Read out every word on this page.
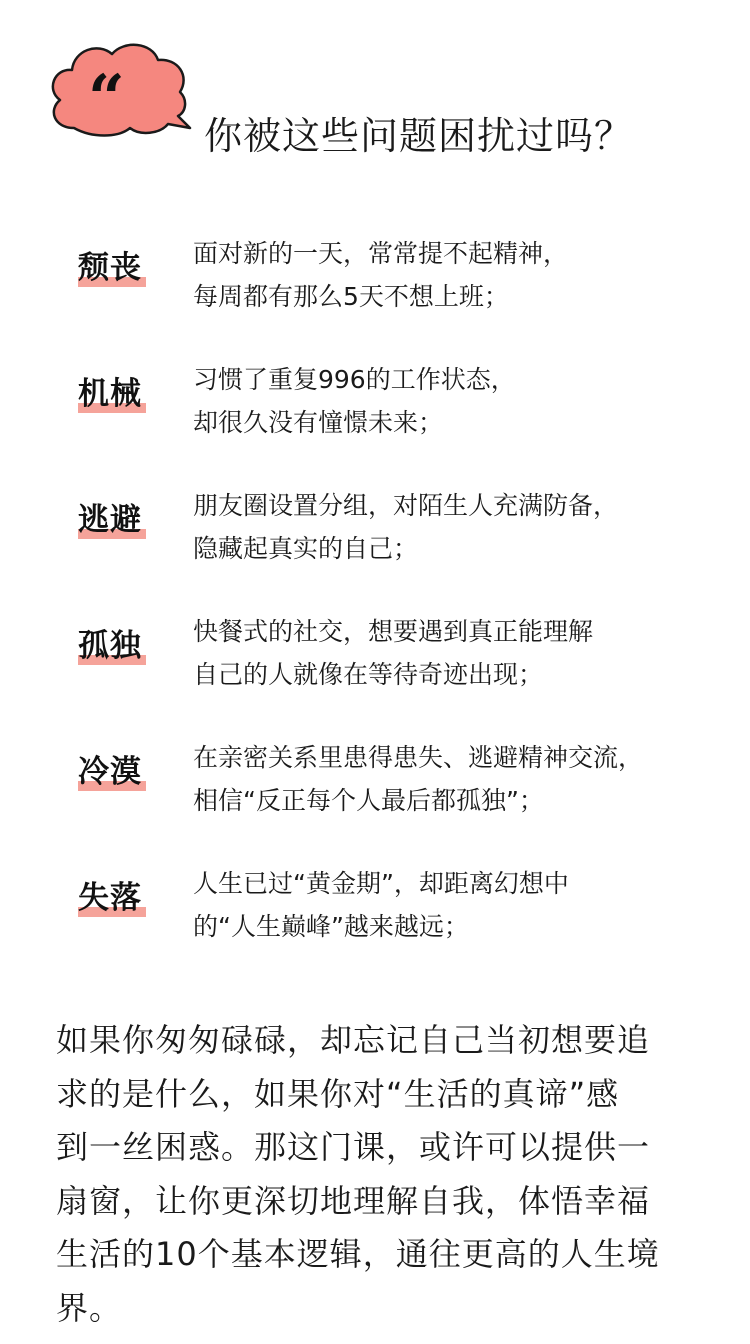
“ 你被这些问题困扰过吗？
颓丧 面对新的一天，常常提不起精神，
每周都有那么5天不想上班；
机械 习惯了重复996的工作状态，
却很久没有憧憬未来；
逃避 朋友圈设置分组，对陌生人充满防备，
隐藏起真实的自己；
孤独 快餐式的社交，想要遇到真正能理解
自己的人就像在等待奇迹出现；
冷漠 在亲密关系里患得患失、逃避精神交流，
相信“反正每个人最后都孤独”；
失落 人生已过“黄金期”，却距离幻想中
的“人生巅峰”越来越远；
如果你匆匆碌碌，却忘记自己当初想要追
求的是什么，如果你对“生活的真谛”感
到一丝困惑。那这门课，或许可以提供一
扇窗，让你更深切地理解自我，体悟幸福
生活的10个基本逻辑，通往更高的人生境
界。
